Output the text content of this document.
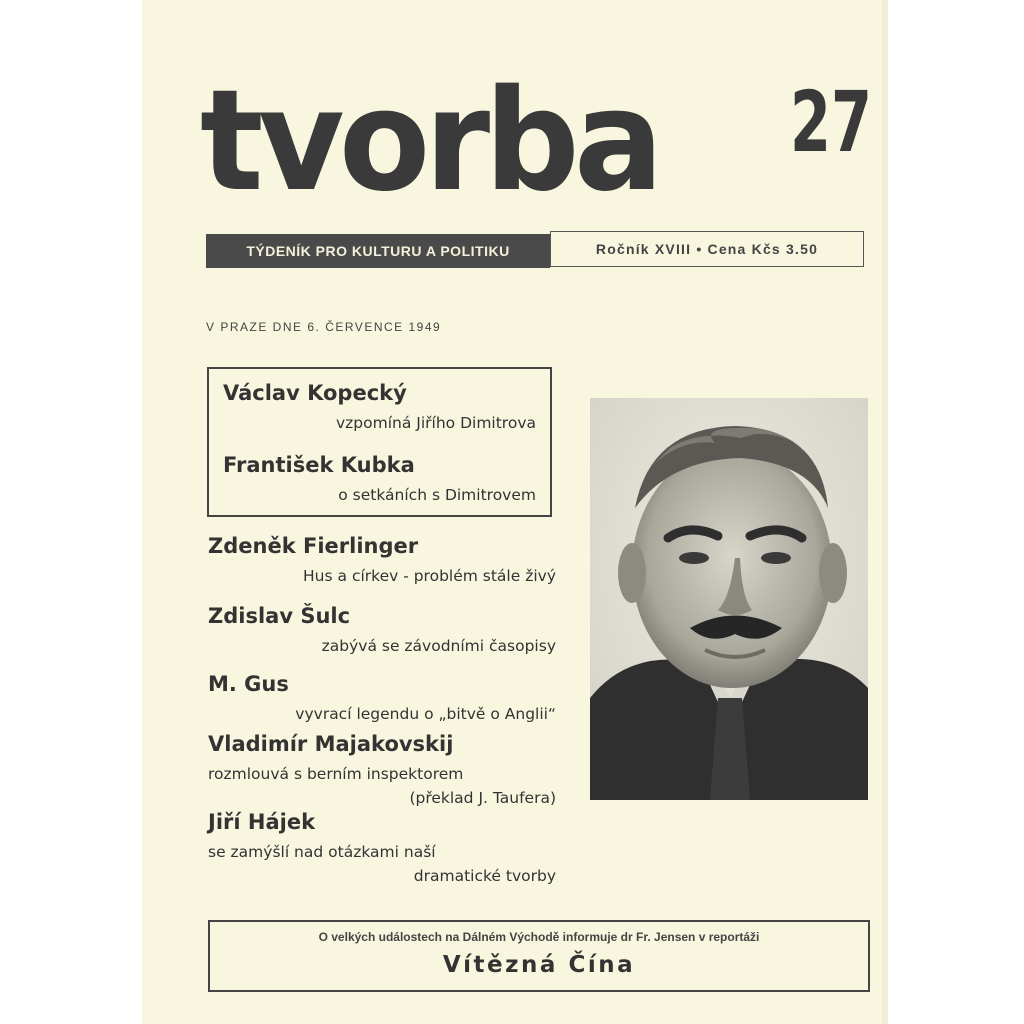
tvorba 27
TÝDENÍK PRO KULTURU A POLITIKU	Ročník XVIII • Cena Kčs 3.50
V PRAZE DNE 6. ČERVENCE 1949
Václav Kopecký
vzpomíná Jiřího Dimitrova
František Kubka
o setkáních s Dimitrovem
Zdeněk Fierlinger
Hus a církev - problém stále živý
Zdislav Šulc
zabývá se závodními časopisy
M. Gus
vyvrací legendu o „bitvě o Anglii“
Vladimír Majakovskij
rozmlouvá s berním inspektorem
(překlad J. Taufera)
Jiří Hájek
se zamýšlí nad otázkami naší
dramatické tvorby
O velkých událostech na Dálném Východě informuje dr Fr. Jensen v reportáži
Vítězná Čína
